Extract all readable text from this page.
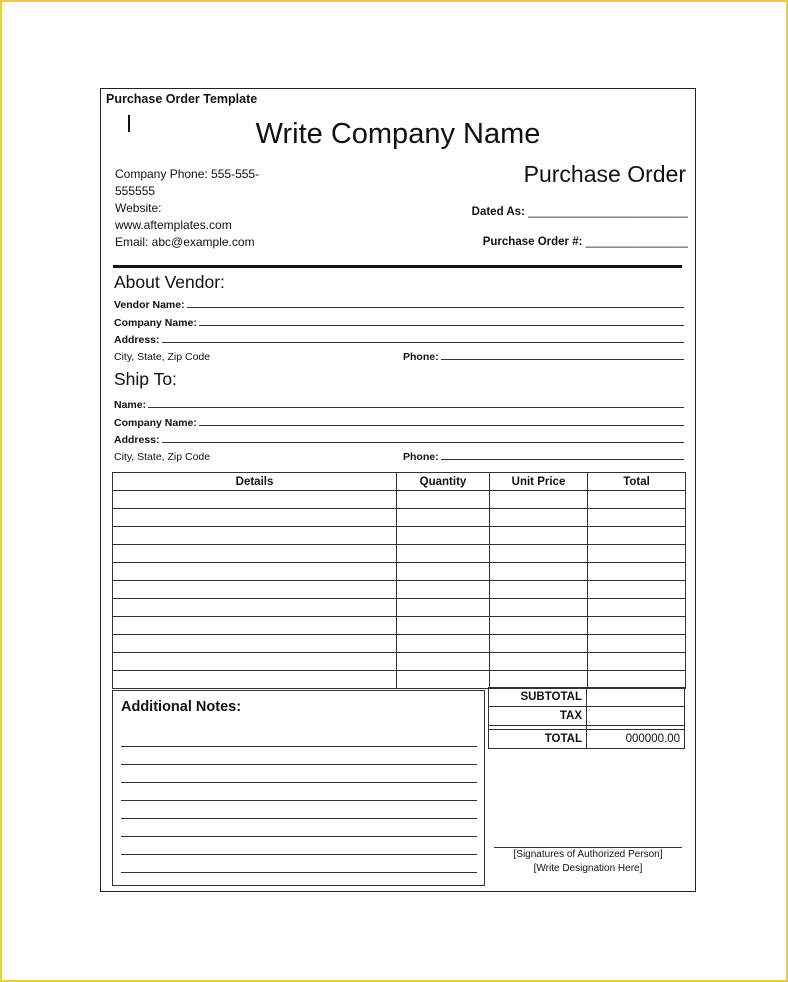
Purchase Order Template
Write Company Name
Company Phone: 555-555-
555555
Website:
www.aftemplates.com
Email: abc@example.com
Purchase Order
Dated As: _________________________
Purchase Order #: ________________
About Vendor:
Vendor Name:
Company Name:
Address:
City, State, Zip Code	Phone:
Ship To:
Name:
Company Name:
Address:
City, State, Zip Code	Phone:
Details	Quantity	Unit Price	Total

Additional Notes:
SUBTOTAL	
TAX	

TOTAL	000000.00
[Signatures of Authorized Person]
[Write Designation Here]
